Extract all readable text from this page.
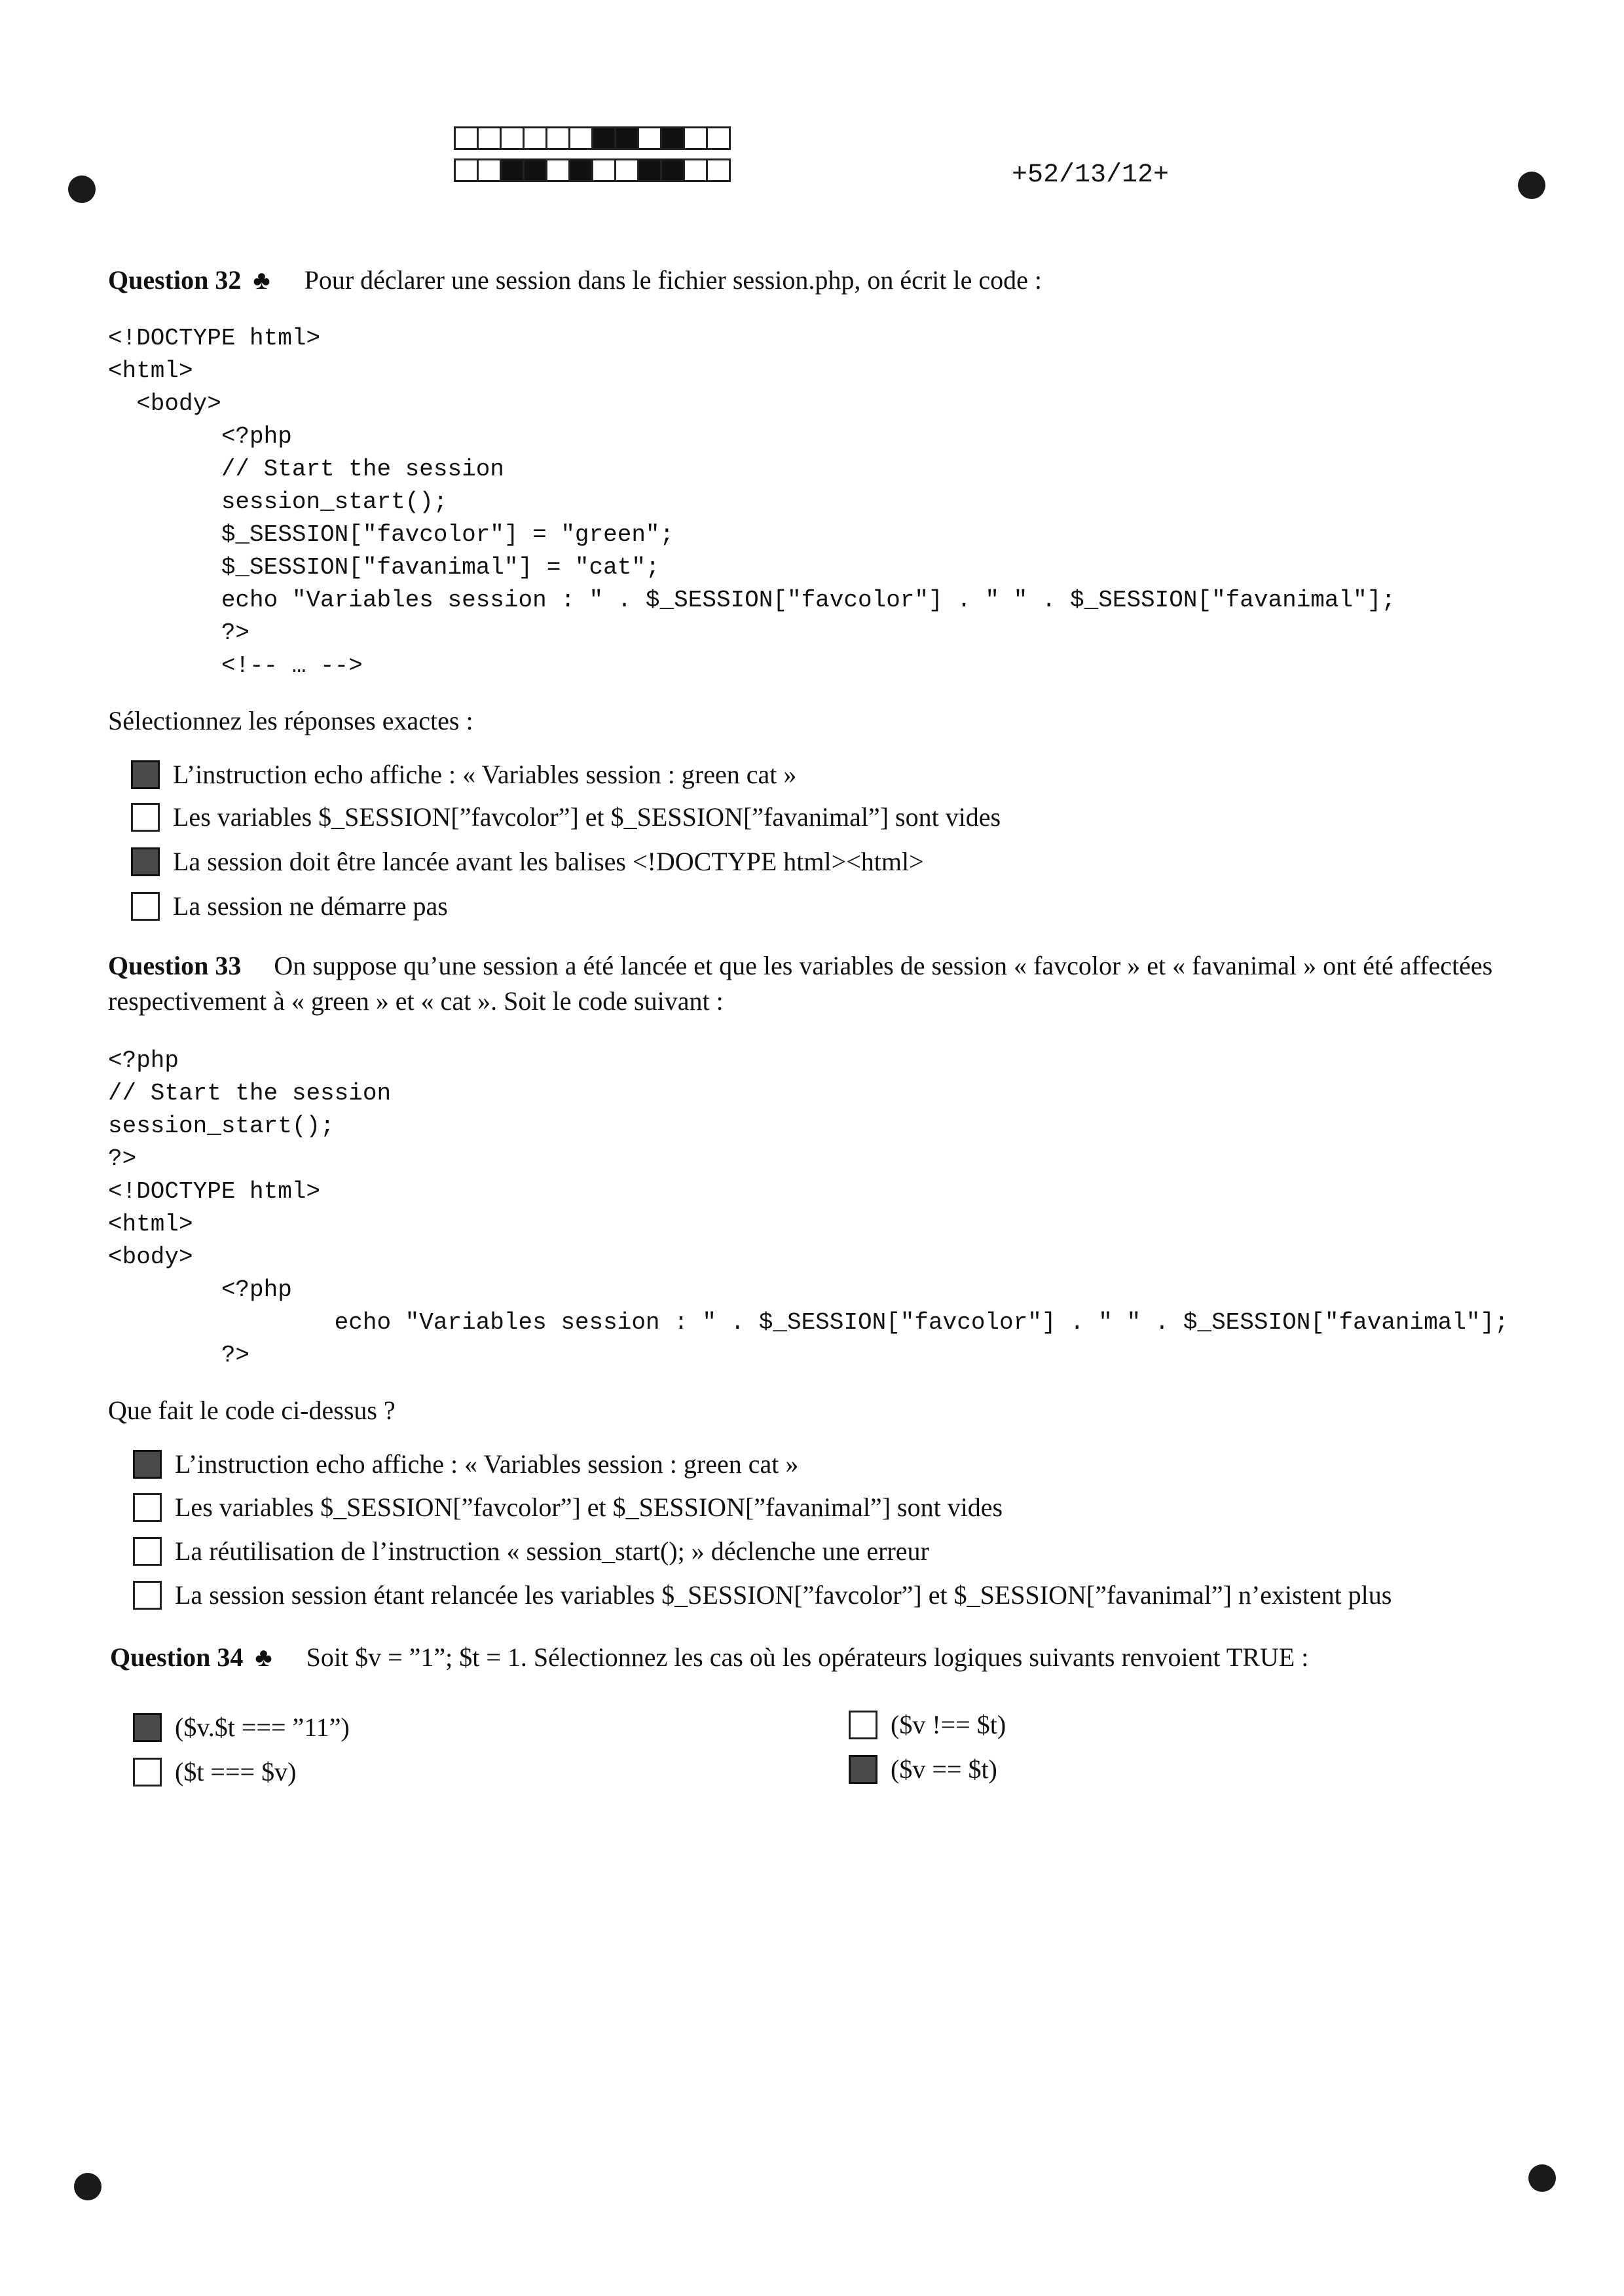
+52/13/12+
Question 32 ♣ Pour déclarer une session dans le fichier session.php, on écrit le code :
<!DOCTYPE html>
<html>
<body>
<?php
// Start the session
session_start();
$_SESSION["favcolor"] = "green";
$_SESSION["favanimal"] = "cat";
echo "Variables session : " . $_SESSION["favcolor"] . " " . $_SESSION["favanimal"];
?>
<!-- … -->
Sélectionnez les réponses exactes :
L’instruction echo affiche : « Variables session : green cat »
Les variables $_SESSION[”favcolor”] et $_SESSION[”favanimal”] sont vides
La session doit être lancée avant les balises <!DOCTYPE html><html>
La session ne démarre pas
Question 33 On suppose qu’une session a été lancée et que les variables de session « favcolor » et « favanimal » ont été affectées respectivement à « green » et « cat ». Soit le code suivant :
<?php
// Start the session
session_start();
?>
<!DOCTYPE html>
<html>
<body>
<?php
echo "Variables session : " . $_SESSION["favcolor"] . " " . $_SESSION["favanimal"];
?>
Que fait le code ci-dessus ?
L’instruction echo affiche : « Variables session : green cat »
Les variables $_SESSION[”favcolor”] et $_SESSION[”favanimal”] sont vides
La réutilisation de l’instruction « session_start(); » déclenche une erreur
La session session étant relancée les variables $_SESSION[”favcolor”] et $_SESSION[”favanimal”] n’existent plus
Question 34 ♣ Soit $v = ”1”; $t = 1. Sélectionnez les cas où les opérateurs logiques suivants renvoient TRUE :
($v.$t === ”11”)	($v !== $t)
($t === $v)	($v == $t)
